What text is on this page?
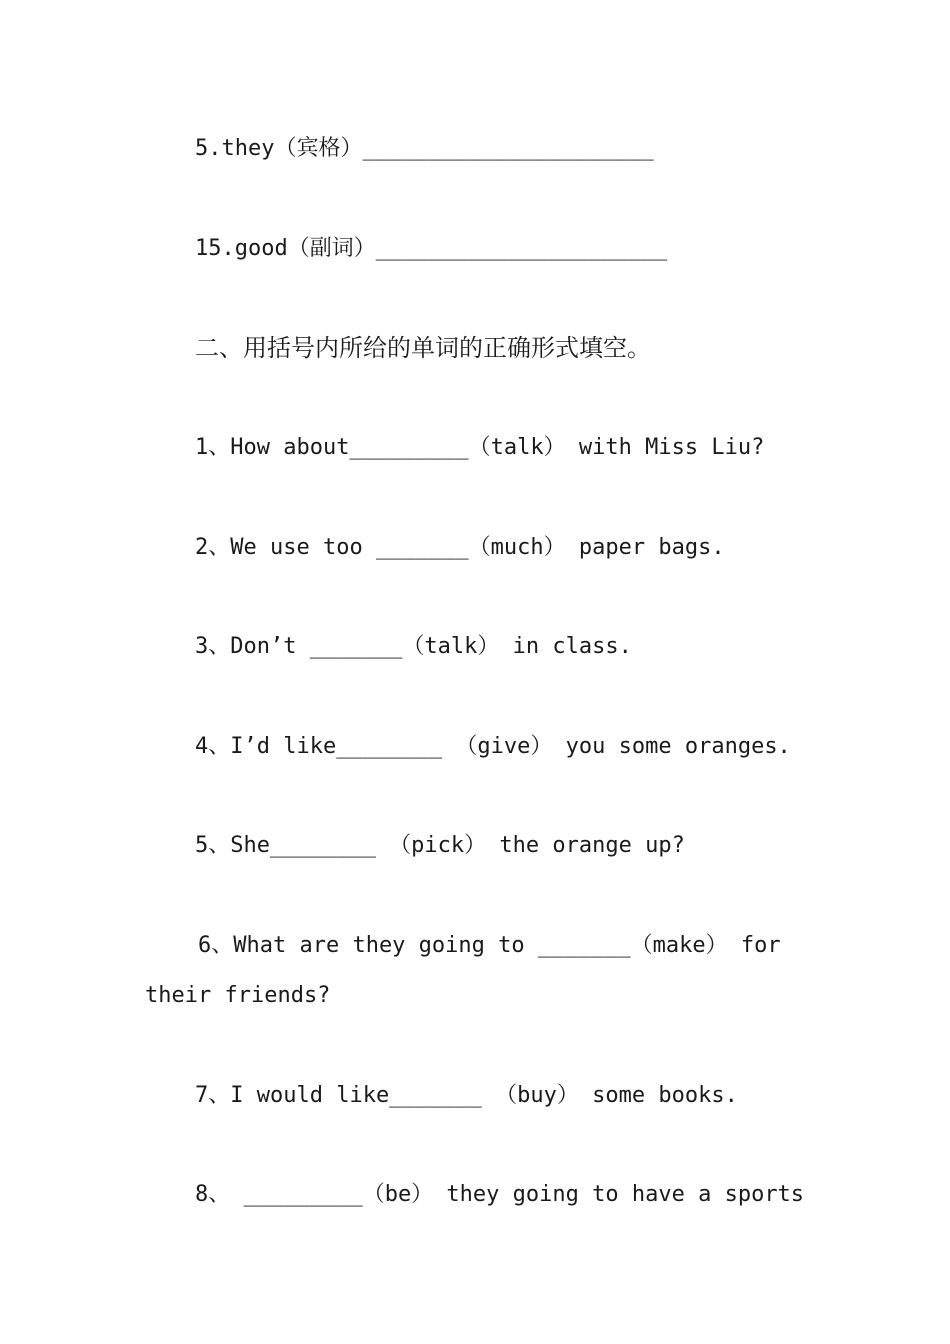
5.they（宾格）______________________
15.good（副词）______________________
二、用括号内所给的单词的正确形式填空。
1、How about_________（talk） with Miss Liu?
2、We use too _______（much） paper bags.
3、Don’t _______（talk） in class.
4、I’d like________ （give） you some oranges.
5、She________ （pick） the orange up?
6、What are they going to _______（make） for
their friends?
7、I would like_______ （buy） some books.
8、 _________（be） they going to have a sports
